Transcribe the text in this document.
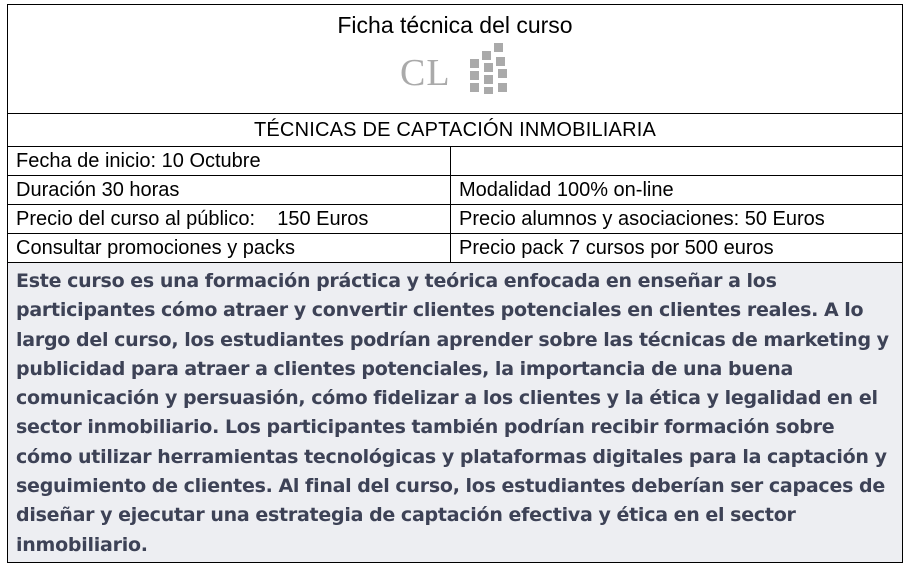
Ficha técnica del curso
CL	

TÉCNICAS DE CAPTACIÓN INMOBILIARIA	
Fecha de inicio: 10 Octubre	
Duración 30 horas	Modalidad 100% on-line
Precio del curso al público:    150 Euros	Precio alumnos y asociaciones: 50 Euros
Consultar promociones y packs	Precio pack 7 cursos por 500 euros

Este curso es una formación práctica y teórica enfocada en enseñar a los participantes cómo atraer y convertir clientes potenciales en clientes reales. A lo largo del curso, los estudiantes podrían aprender sobre las técnicas de marketing y publicidad para atraer a clientes potenciales, la importancia de una buena comunicación y persuasión, cómo fidelizar a los clientes y la ética y legalidad en el sector inmobiliario. Los participantes también podrían recibir formación sobre cómo utilizar herramientas tecnológicas y plataformas digitales para la captación y seguimiento de clientes. Al final del curso, los estudiantes deberían ser capaces de diseñar y ejecutar una estrategia de captación efectiva y ética en el sector inmobiliario.	
